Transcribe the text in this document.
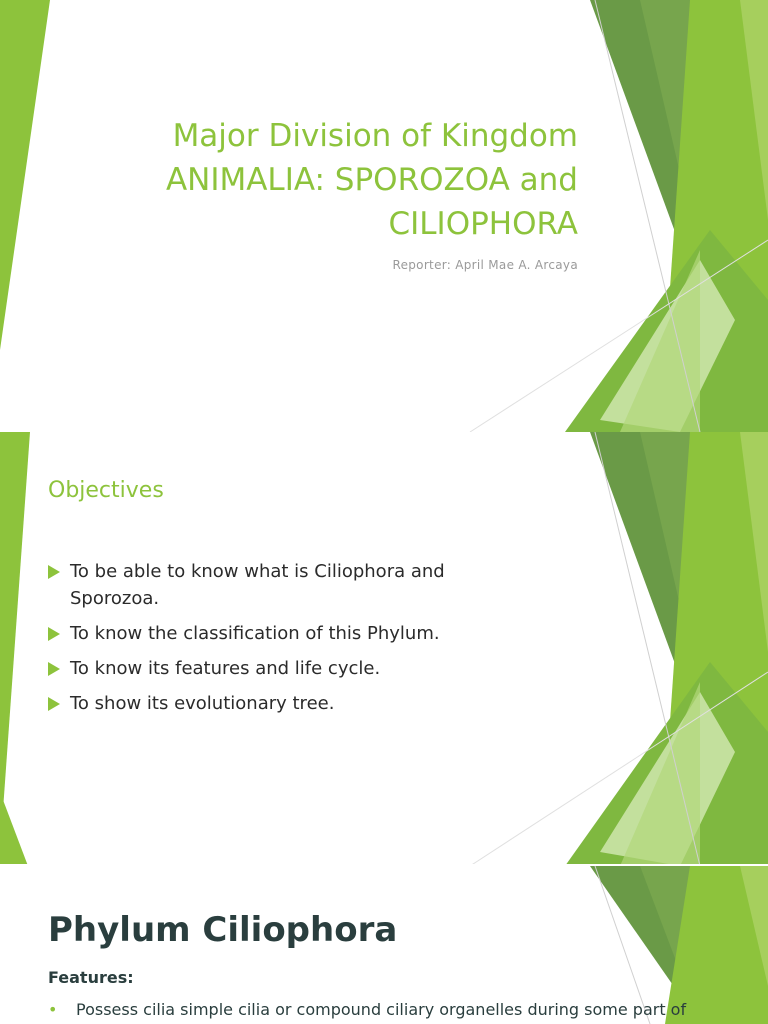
Major Division of Kingdom
ANIMALIA: SPOROZOA and
CILIOPHORA
Reporter: April Mae A. Arcaya
Objectives
To be able to know what is Ciliophora and
Sporozoa.
To know the classification of this Phylum.
To know its features and life cycle.
To show its evolutionary tree.
Phylum Ciliophora
Features:
• Possess cilia simple cilia or compound ciliary organelles during some part of
